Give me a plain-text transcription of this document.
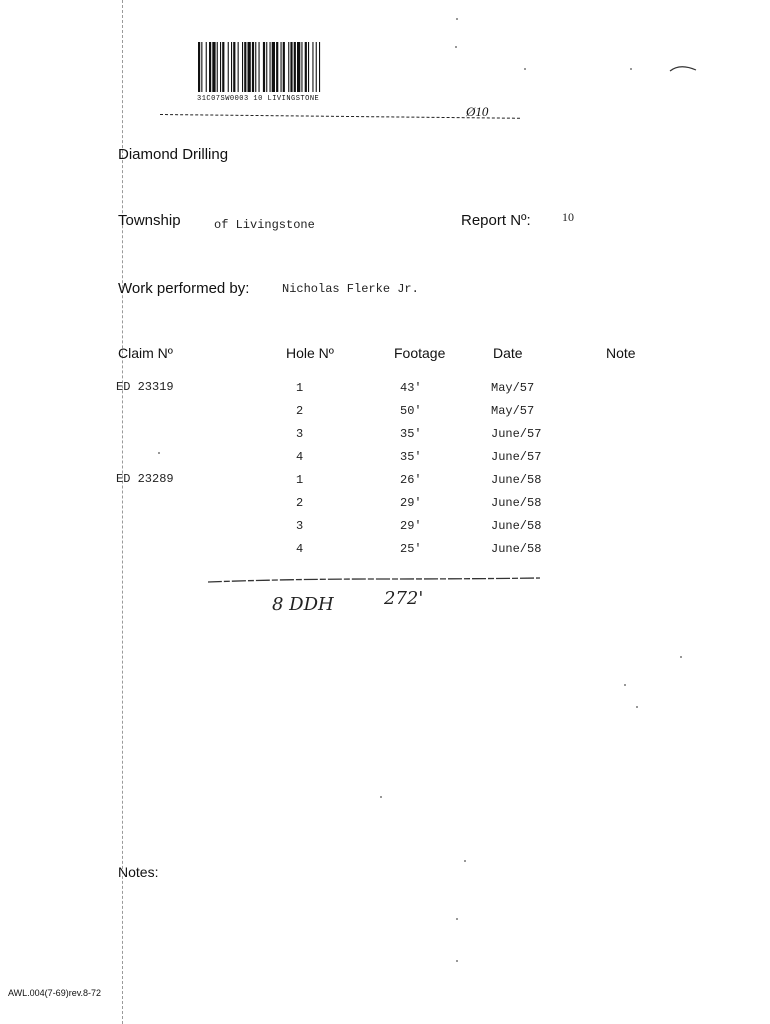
31C07SW0003 10 LIVINGSTONE
Ø10
Diamond Drilling
Township	of Livingstone	Report Nº:	10
Work performed by:	Nicholas Flerke Jr.
Claim Nº	Hole Nº	Footage	Date	Note
ED 23319	1	43'	May/57
2	50'	May/57
3	35'	June/57
4	35'	June/57
ED 23289	1	26'	June/58
2	29'	June/58
3	29'	June/58
4	25'	June/58
8 DDH	272'
Notes:
AWL.004(7-69)rev.8-72
